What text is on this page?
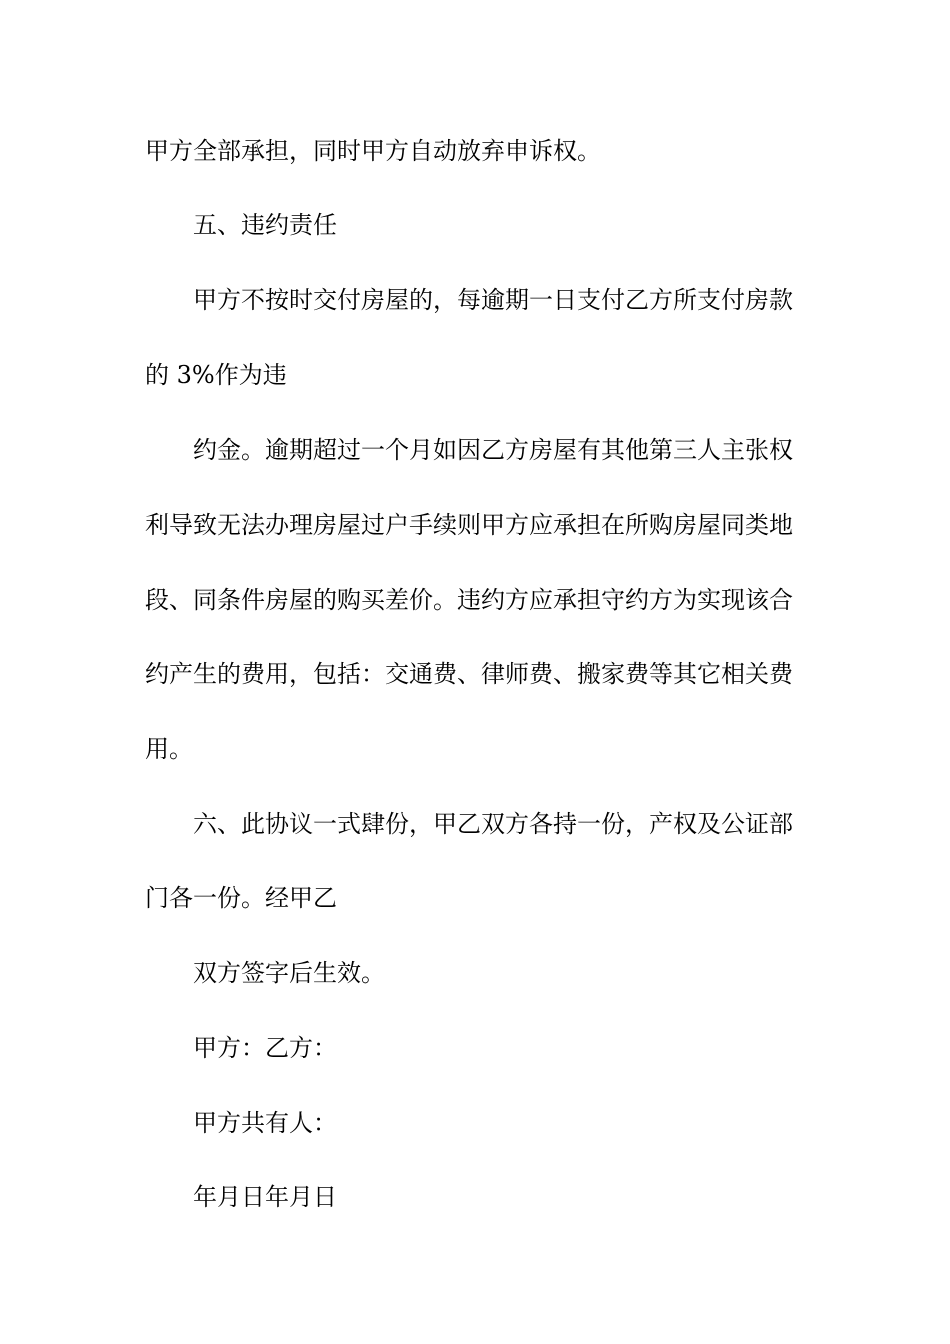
甲方全部承担，同时甲方自动放弃申诉权。
五、违约责任
甲方不按时交付房屋的，每逾期一日支付乙方所支付房款
的 3%作为违
约金。逾期超过一个月如因乙方房屋有其他第三人主张权
利导致无法办理房屋过户手续则甲方应承担在所购房屋同类地
段、同条件房屋的购买差价。违约方应承担守约方为实现该合
约产生的费用，包括：交通费、律师费、搬家费等其它相关费
用。
六、此协议一式肆份，甲乙双方各持一份，产权及公证部
门各一份。经甲乙
双方签字后生效。
甲方：乙方：
甲方共有人：
年月日年月日
